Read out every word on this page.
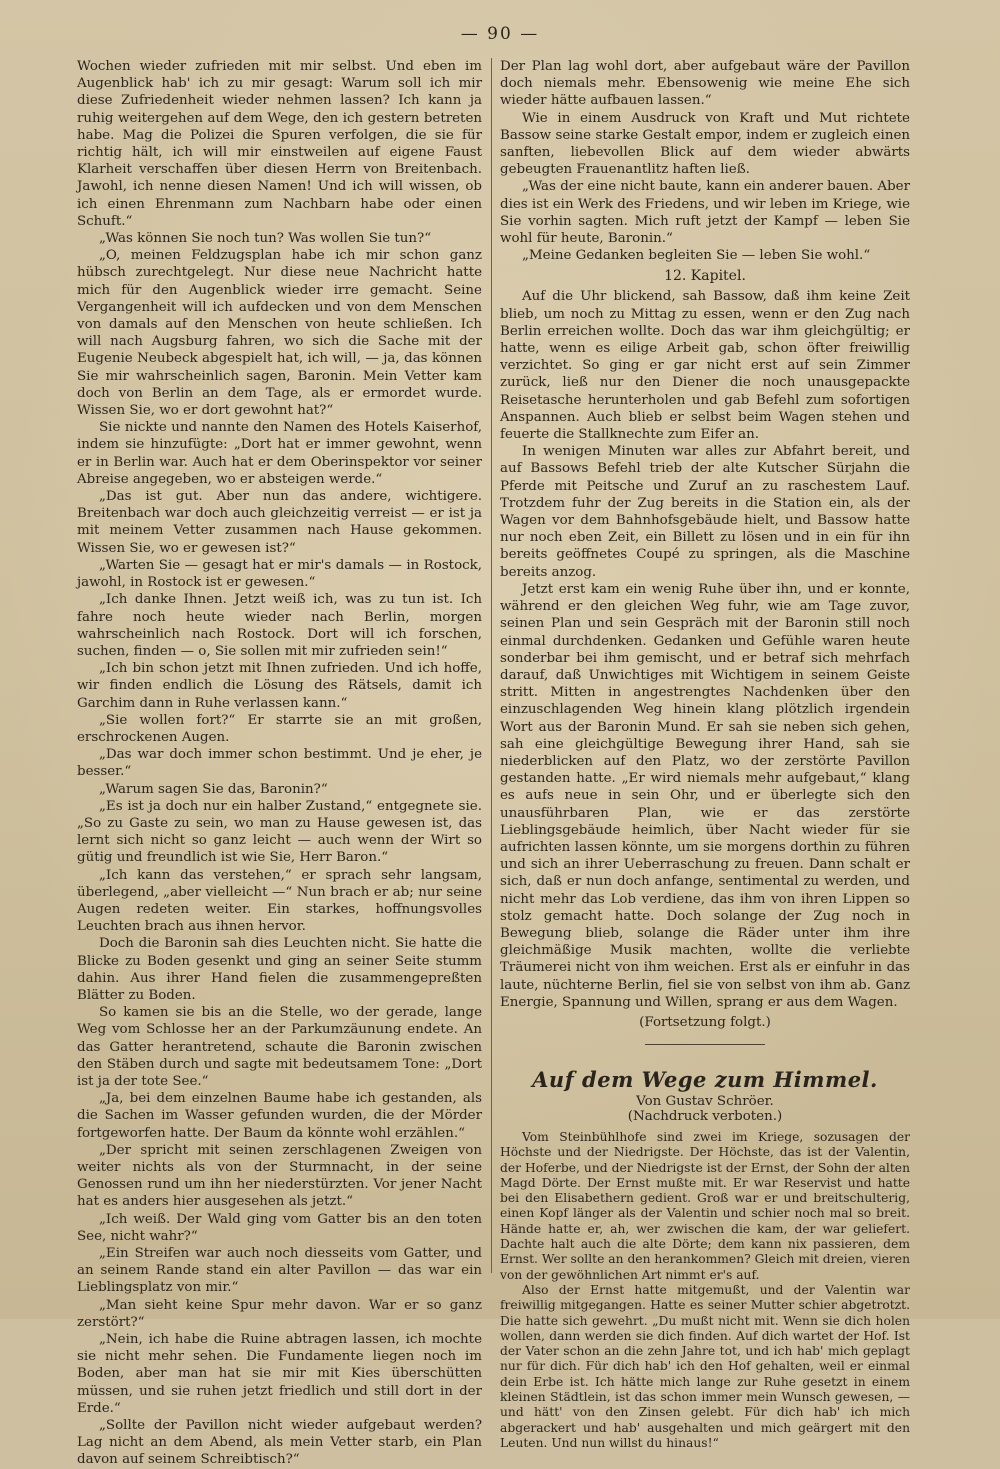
— 90 —

Wochen wieder zufrieden mit mir selbst. Und eben im Augenblick hab' ich zu mir gesagt: Warum soll ich mir diese Zufriedenheit wieder nehmen lassen? Ich kann ja ruhig weitergehen auf dem Wege, den ich gestern betreten habe. Mag die Polizei die Spuren verfolgen, die sie für richtig hält, ich will mir einstweilen auf eigene Faust Klarheit verschaffen über diesen Herrn von Breitenbach. Jawohl, ich nenne diesen Namen! Und ich will wissen, ob ich einen Ehrenmann zum Nachbarn habe oder einen Schuft.“

„Was können Sie noch tun? Was wollen Sie tun?“

„O, meinen Feldzugsplan habe ich mir schon ganz hübsch zurechtgelegt. Nur diese neue Nachricht hatte mich für den Augenblick wieder irre gemacht. Seine Vergangenheit will ich aufdecken und von dem Menschen von damals auf den Menschen von heute schließen. Ich will nach Augsburg fahren, wo sich die Sache mit der Eugenie Neubeck abgespielt hat, ich will, — ja, das können Sie mir wahrscheinlich sagen, Baronin. Mein Vetter kam doch von Berlin an dem Tage, als er ermordet wurde. Wissen Sie, wo er dort gewohnt hat?“

Sie nickte und nannte den Namen des Hotels Kaiserhof, indem sie hinzufügte: „Dort hat er immer gewohnt, wenn er in Berlin war. Auch hat er dem Oberinspektor vor seiner Abreise angegeben, wo er absteigen werde.“

„Das ist gut. Aber nun das andere, wichtigere. Breitenbach war doch auch gleichzeitig verreist — er ist ja mit meinem Vetter zusammen nach Hause gekommen. Wissen Sie, wo er gewesen ist?“

„Warten Sie — gesagt hat er mir's damals — in Rostock, jawohl, in Rostock ist er gewesen.“

„Ich danke Ihnen. Jetzt weiß ich, was zu tun ist. Ich fahre noch heute wieder nach Berlin, morgen wahrscheinlich nach Rostock. Dort will ich forschen, suchen, finden — o, Sie sollen mit mir zufrieden sein!“

„Ich bin schon jetzt mit Ihnen zufrieden. Und ich hoffe, wir finden endlich die Lösung des Rätsels, damit ich Garchim dann in Ruhe verlassen kann.“

„Sie wollen fort?“ Er starrte sie an mit großen, erschrockenen Augen.

„Das war doch immer schon bestimmt. Und je eher, je besser.“

„Warum sagen Sie das, Baronin?“

„Es ist ja doch nur ein halber Zustand,“ entgegnete sie. „So zu Gaste zu sein, wo man zu Hause gewesen ist, das lernt sich nicht so ganz leicht — auch wenn der Wirt so gütig und freundlich ist wie Sie, Herr Baron.“

„Ich kann das verstehen,“ er sprach sehr langsam, überlegend, „aber vielleicht —“ Nun brach er ab; nur seine Augen redeten weiter. Ein starkes, hoffnungsvolles Leuchten brach aus ihnen hervor.

Doch die Baronin sah dies Leuchten nicht. Sie hatte die Blicke zu Boden gesenkt und ging an seiner Seite stumm dahin. Aus ihrer Hand fielen die zusammengepreßten Blätter zu Boden.

So kamen sie bis an die Stelle, wo der gerade, lange Weg vom Schlosse her an der Parkumzäunung endete. An das Gatter herantretend, schaute die Baronin zwischen den Stäben durch und sagte mit bedeutsamem Tone: „Dort ist ja der tote See.“

„Ja, bei dem einzelnen Baume habe ich gestanden, als die Sachen im Wasser gefunden wurden, die der Mörder fortgeworfen hatte. Der Baum da könnte wohl erzählen.“

„Der spricht mit seinen zerschlagenen Zweigen von weiter nichts als von der Sturmnacht, in der seine Genossen rund um ihn her niederstürzten. Vor jener Nacht hat es anders hier ausgesehen als jetzt.“

„Ich weiß. Der Wald ging vom Gatter bis an den toten See, nicht wahr?“

„Ein Streifen war auch noch diesseits vom Gatter, und an seinem Rande stand ein alter Pavillon — das war ein Lieblingsplatz von mir.“

„Man sieht keine Spur mehr davon. War er so ganz zerstört?“

„Nein, ich habe die Ruine abtragen lassen, ich mochte sie nicht mehr sehen. Die Fundamente liegen noch im Boden, aber man hat sie mir mit Kies überschütten müssen, und sie ruhen jetzt friedlich und still dort in der Erde.“

„Sollte der Pavillon nicht wieder aufgebaut werden? Lag nicht an dem Abend, als mein Vetter starb, ein Plan davon auf seinem Schreibtisch?“

Der Plan lag wohl dort, aber aufgebaut wäre der Pavillon doch niemals mehr. Ebensowenig wie meine Ehe sich wieder hätte aufbauen lassen.“

Wie in einem Ausdruck von Kraft und Mut richtete Bassow seine starke Gestalt empor, indem er zugleich einen sanften, liebevollen Blick auf dem wieder abwärts gebeugten Frauenantlitz haften ließ.

„Was der eine nicht baute, kann ein anderer bauen. Aber dies ist ein Werk des Friedens, und wir leben im Kriege, wie Sie vorhin sagten. Mich ruft jetzt der Kampf — leben Sie wohl für heute, Baronin.“

„Meine Gedanken begleiten Sie — leben Sie wohl.“

12. Kapitel.

Auf die Uhr blickend, sah Bassow, daß ihm keine Zeit blieb, um noch zu Mittag zu essen, wenn er den Zug nach Berlin erreichen wollte. Doch das war ihm gleichgültig; er hatte, wenn es eilige Arbeit gab, schon öfter freiwillig verzichtet. So ging er gar nicht erst auf sein Zimmer zurück, ließ nur den Diener die noch unausgepackte Reisetasche herunterholen und gab Befehl zum sofortigen Anspannen. Auch blieb er selbst beim Wagen stehen und feuerte die Stallknechte zum Eifer an.

In wenigen Minuten war alles zur Abfahrt bereit, und auf Bassows Befehl trieb der alte Kutscher Sürjahn die Pferde mit Peitsche und Zuruf an zu raschestem Lauf. Trotzdem fuhr der Zug bereits in die Station ein, als der Wagen vor dem Bahnhofsgebäude hielt, und Bassow hatte nur noch eben Zeit, ein Billett zu lösen und in ein für ihn bereits geöffnetes Coupé zu springen, als die Maschine bereits anzog.

Jetzt erst kam ein wenig Ruhe über ihn, und er konnte, während er den gleichen Weg fuhr, wie am Tage zuvor, seinen Plan und sein Gespräch mit der Baronin still noch einmal durchdenken. Gedanken und Gefühle waren heute sonderbar bei ihm gemischt, und er betraf sich mehrfach darauf, daß Unwichtiges mit Wichtigem in seinem Geiste stritt. Mitten in angestrengtes Nachdenken über den einzuschlagenden Weg hinein klang plötzlich irgendein Wort aus der Baronin Mund. Er sah sie neben sich gehen, sah eine gleichgültige Bewegung ihrer Hand, sah sie niederblicken auf den Platz, wo der zerstörte Pavillon gestanden hatte. „Er wird niemals mehr aufgebaut,“ klang es aufs neue in sein Ohr, und er überlegte sich den unausführbaren Plan, wie er das zerstörte Lieblingsgebäude heimlich, über Nacht wieder für sie aufrichten lassen könnte, um sie morgens dorthin zu führen und sich an ihrer Ueberraschung zu freuen. Dann schalt er sich, daß er nun doch anfange, sentimental zu werden, und nicht mehr das Lob verdiene, das ihm von ihren Lippen so stolz gemacht hatte. Doch solange der Zug noch in Bewegung blieb, solange die Räder unter ihm ihre gleichmäßige Musik machten, wollte die verliebte Träumerei nicht von ihm weichen. Erst als er einfuhr in das laute, nüchterne Berlin, fiel sie von selbst von ihm ab. Ganz Energie, Spannung und Willen, sprang er aus dem Wagen.

(Fortsetzung folgt.)
Auf dem Wege zum Himmel.
Von Gustav Schröer.
(Nachdruck verboten.)

Vom Steinbühlhofe sind zwei im Kriege, sozusagen der Höchste und der Niedrigste. Der Höchste, das ist der Valentin, der Hoferbe, und der Niedrigste ist der Ernst, der Sohn der alten Magd Dörte. Der Ernst mußte mit. Er war Reservist und hatte bei den Elisabethern gedient. Groß war er und breitschulterig, einen Kopf länger als der Valentin und schier noch mal so breit. Hände hatte er, ah, wer zwischen die kam, der war geliefert. Dachte halt auch die alte Dörte; dem kann nix passieren, dem Ernst. Wer sollte an den herankommen? Gleich mit dreien, vieren von der gewöhnlichen Art nimmt er's auf.

Also der Ernst hatte mitgemußt, und der Valentin war freiwillig mitgegangen. Hatte es seiner Mutter schier abgetrotzt. Die hatte sich gewehrt. „Du mußt nicht mit. Wenn sie dich holen wollen, dann werden sie dich finden. Auf dich wartet der Hof. Ist der Vater schon an die zehn Jahre tot, und ich hab' mich geplagt nur für dich. Für dich hab' ich den Hof gehalten, weil er einmal dein Erbe ist. Ich hätte mich lange zur Ruhe gesetzt in einem kleinen Städtlein, ist das schon immer mein Wunsch gewesen, — und hätt' von den Zinsen gelebt. Für dich hab' ich mich abgerackert und hab' ausgehalten und mich geärgert mit den Leuten. Und nun willst du hinaus!“
